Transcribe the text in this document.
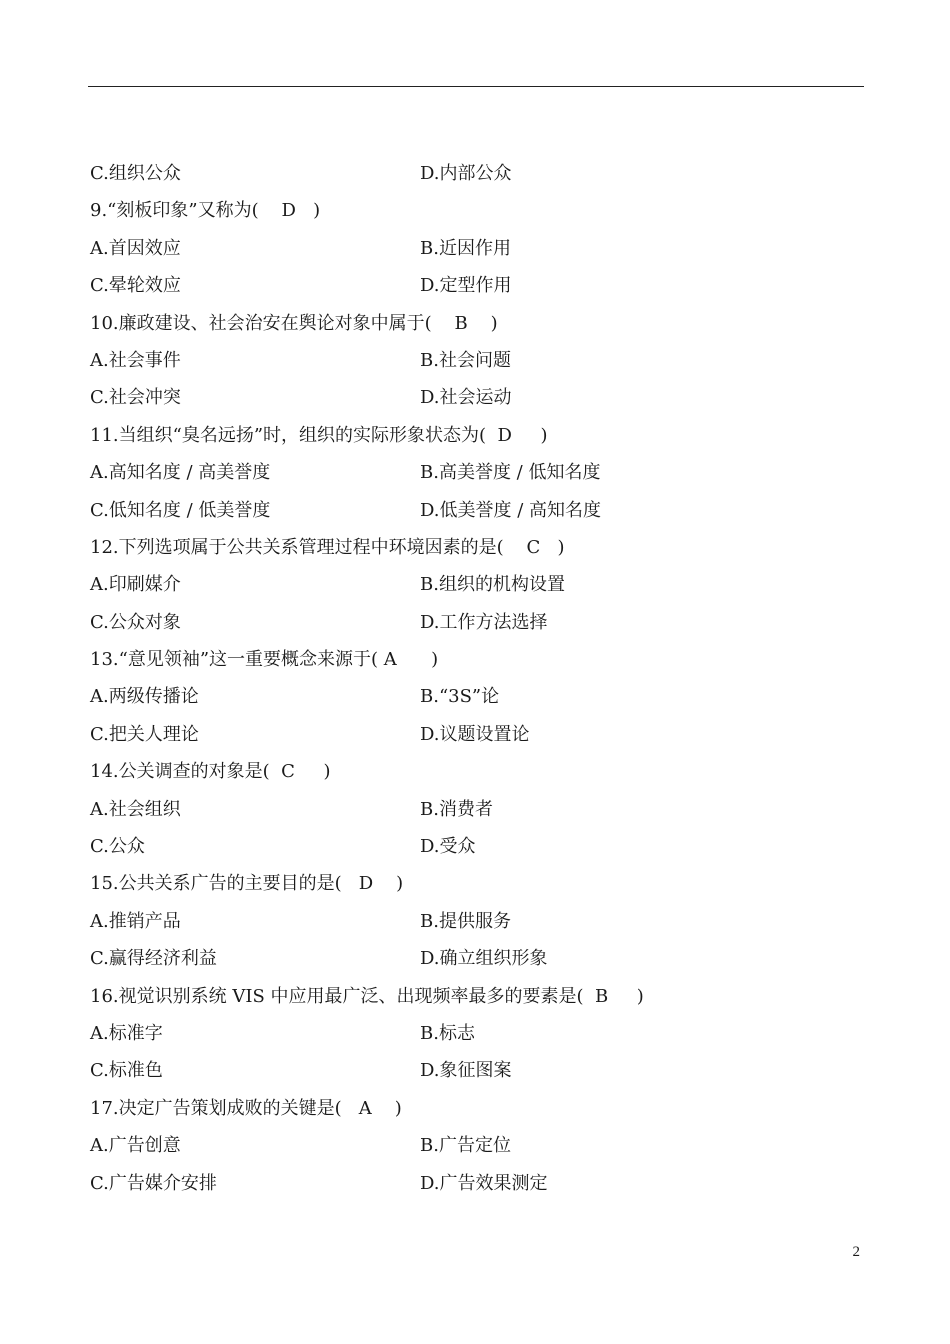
C.组织公众	D.内部公众
9.“刻板印象”又称为(    D   )
A.首因效应	B.近因作用
C.晕轮效应	D.定型作用
10.廉政建设、社会治安在舆论对象中属于(    B    )
A.社会事件	B.社会问题
C.社会冲突	D.社会运动
11.当组织“臭名远扬”时，组织的实际形象状态为(  D     )
A.高知名度 / 高美誉度	B.高美誉度 / 低知名度
C.低知名度 / 低美誉度	D.低美誉度 / 高知名度
12.下列选项属于公共关系管理过程中环境因素的是(    C   )
A.印刷媒介	B.组织的机构设置
C.公众对象	D.工作方法选择
13.“意见领袖”这一重要概念来源于( A      )
A.两级传播论	B.“3S”论
C.把关人理论	D.议题设置论
14.公关调查的对象是(  C     )
A.社会组织	B.消费者
C.公众	D.受众
15.公共关系广告的主要目的是(   D    )
A.推销产品	B.提供服务
C.赢得经济利益	D.确立组织形象
16.视觉识别系统 VIS 中应用最广泛、出现频率最多的要素是(  B     )
A.标准字	B.标志
C.标准色	D.象征图案
17.决定广告策划成败的关键是(   A    )
A.广告创意	B.广告定位
C.广告媒介安排	D.广告效果测定
2
